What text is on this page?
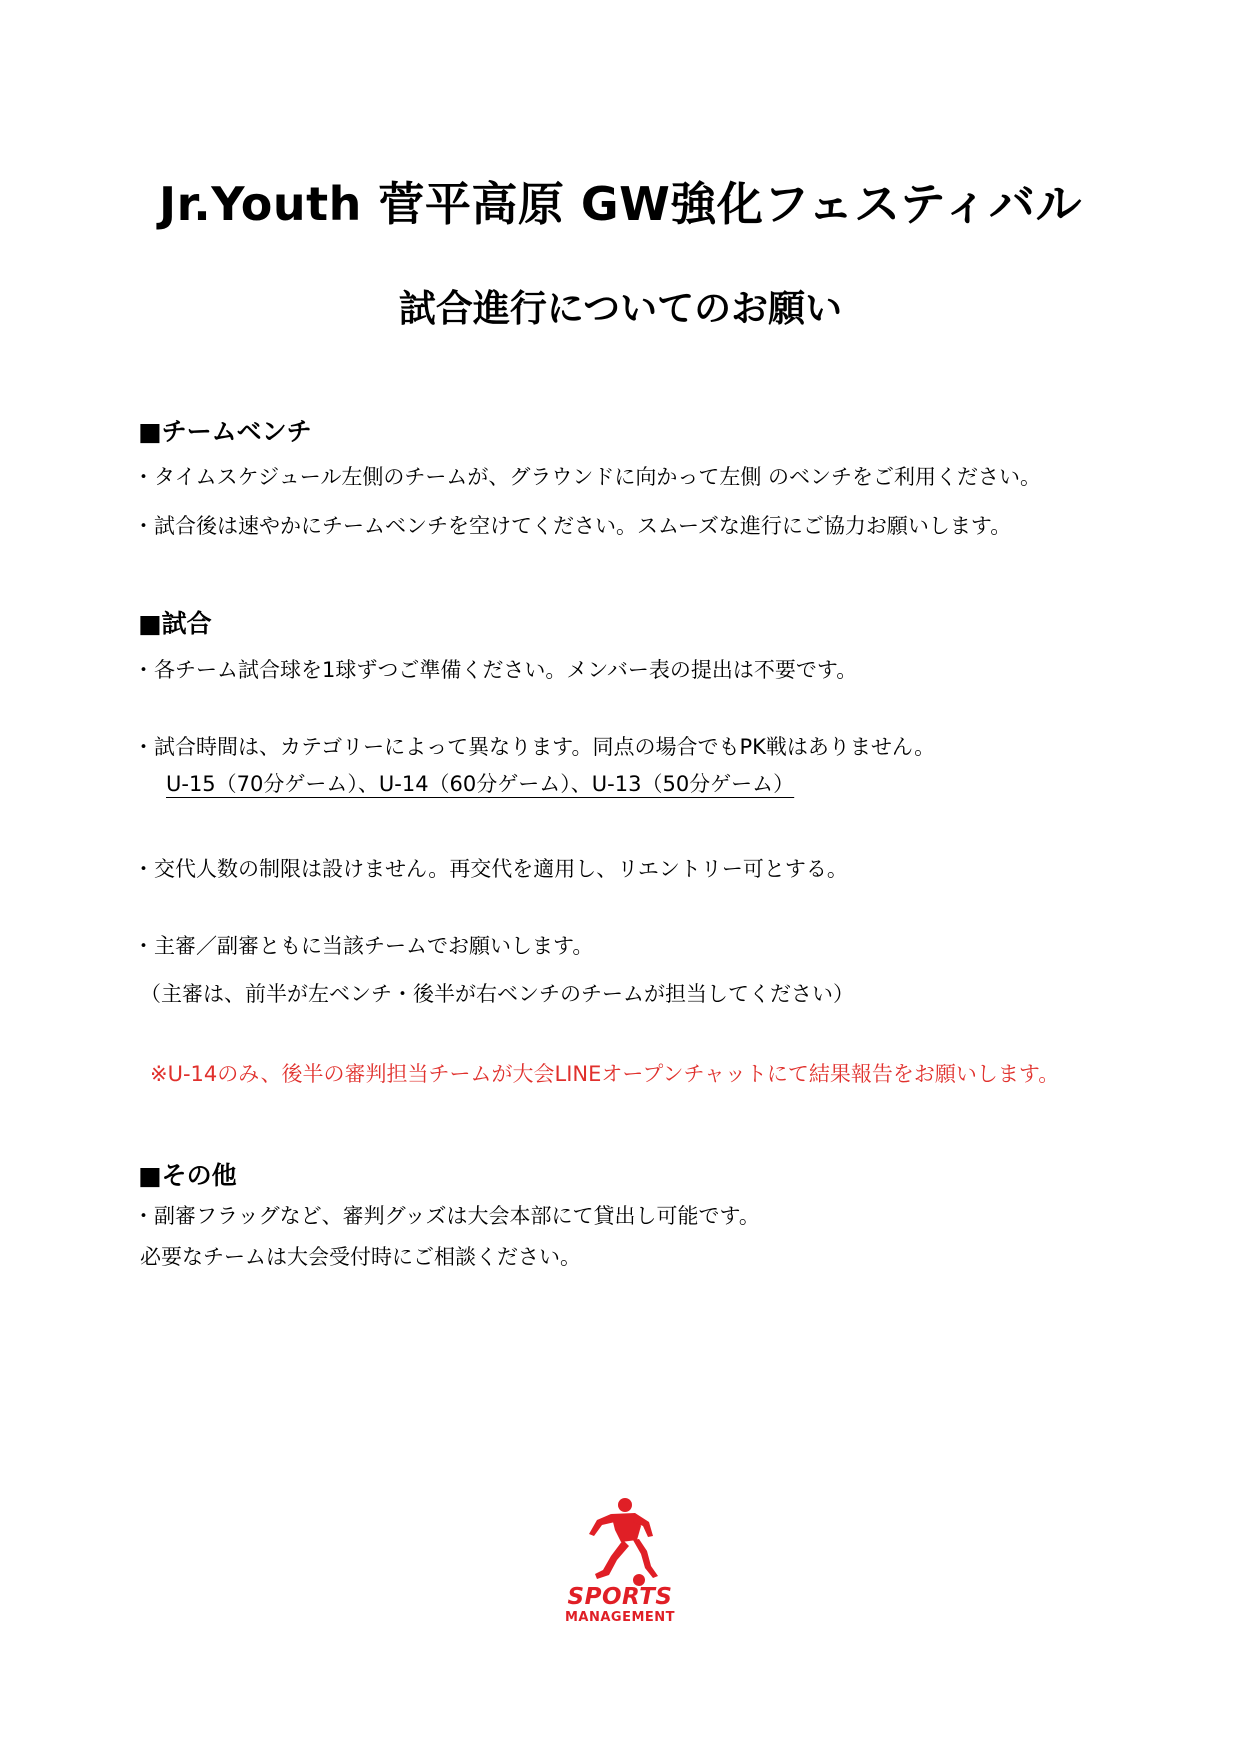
Jr.Youth 菅平高原 GW強化フェスティバル
試合進行についてのお願い
■チームベンチ
・タイムスケジュール左側のチームが、グラウンドに向かって左側 のベンチをご利用ください。
・試合後は速やかにチームベンチを空けてください。スムーズな進行にご協力お願いします。
■試合
・各チーム試合球を1球ずつご準備ください。メンバー表の提出は不要です。
・試合時間は、カテゴリーによって異なります。同点の場合でもPK戦はありません。
U-15（70分ゲーム）、U-14（60分ゲーム）、U-13（50分ゲーム）
・交代人数の制限は設けません。再交代を適用し、リエントリー可とする。
・主審／副審ともに当該チームでお願いします。
（主審は、前半が左ベンチ・後半が右ベンチのチームが担当してください）
※U-14のみ、後半の審判担当チームが大会LINEオープンチャットにて結果報告をお願いします。
■その他
・副審フラッグなど、審判グッズは大会本部にて貸出し可能です。
必要なチームは大会受付時にご相談ください。
SPORTS
MANAGEMENT
